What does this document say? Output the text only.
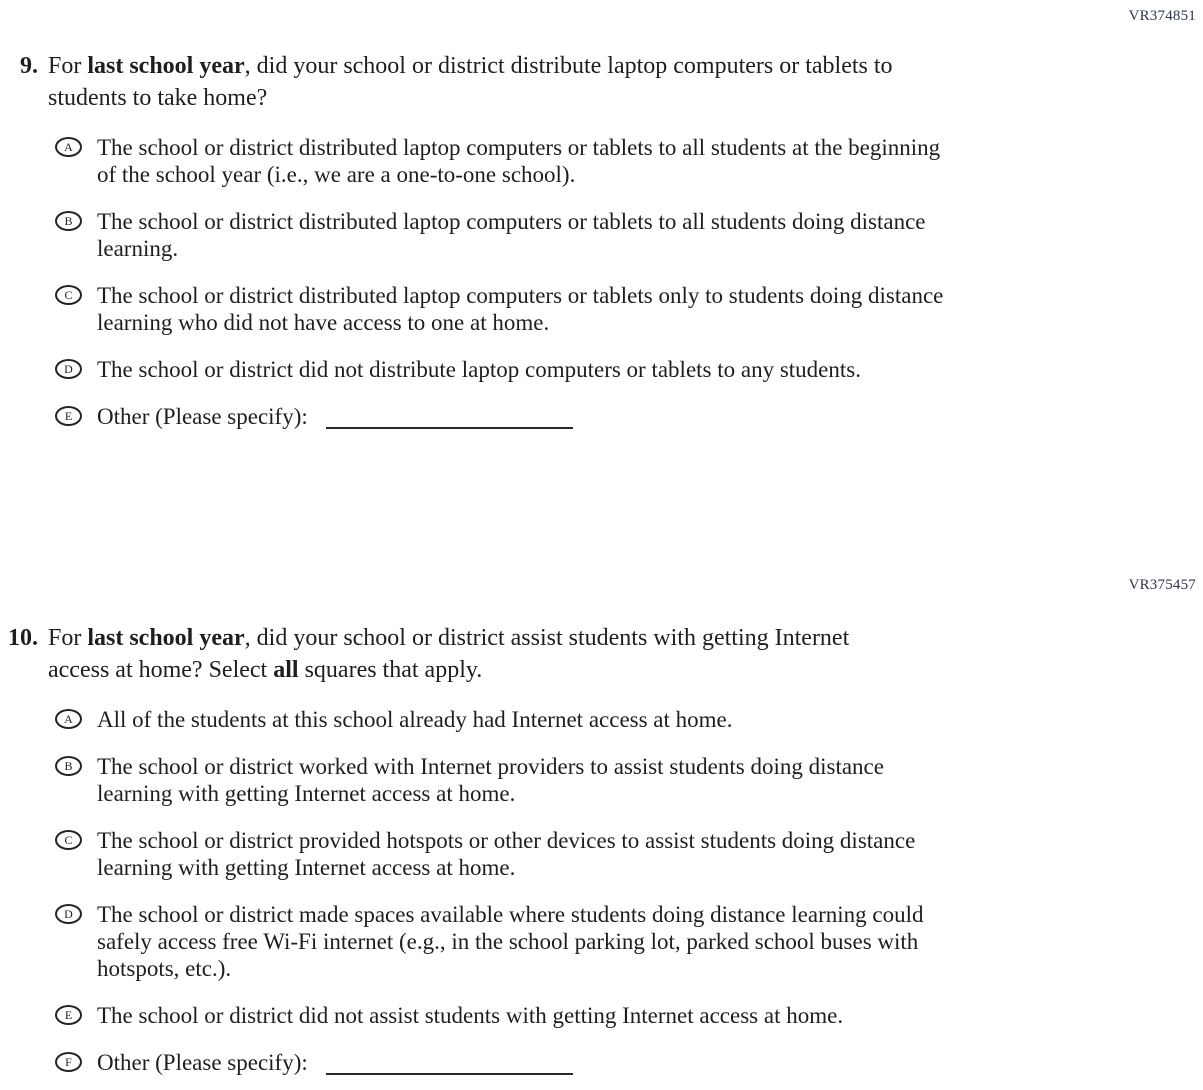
VR374851
9. For last school year, did your school or district distribute laptop computers or tablets to
students to take home?
A The school or district distributed laptop computers or tablets to all students at the beginning
of the school year (i.e., we are a one-to-one school).
B The school or district distributed laptop computers or tablets to all students doing distance
learning.
C The school or district distributed laptop computers or tablets only to students doing distance
learning who did not have access to one at home.
D The school or district did not distribute laptop computers or tablets to any students.
E Other (Please specify):
VR375457
10. For last school year, did your school or district assist students with getting Internet
access at home? Select all squares that apply.
A All of the students at this school already had Internet access at home.
B The school or district worked with Internet providers to assist students doing distance
learning with getting Internet access at home.
C The school or district provided hotspots or other devices to assist students doing distance
learning with getting Internet access at home.
D The school or district made spaces available where students doing distance learning could
safely access free Wi-Fi internet (e.g., in the school parking lot, parked school buses with
hotspots, etc.).
E The school or district did not assist students with getting Internet access at home.
F Other (Please specify):
